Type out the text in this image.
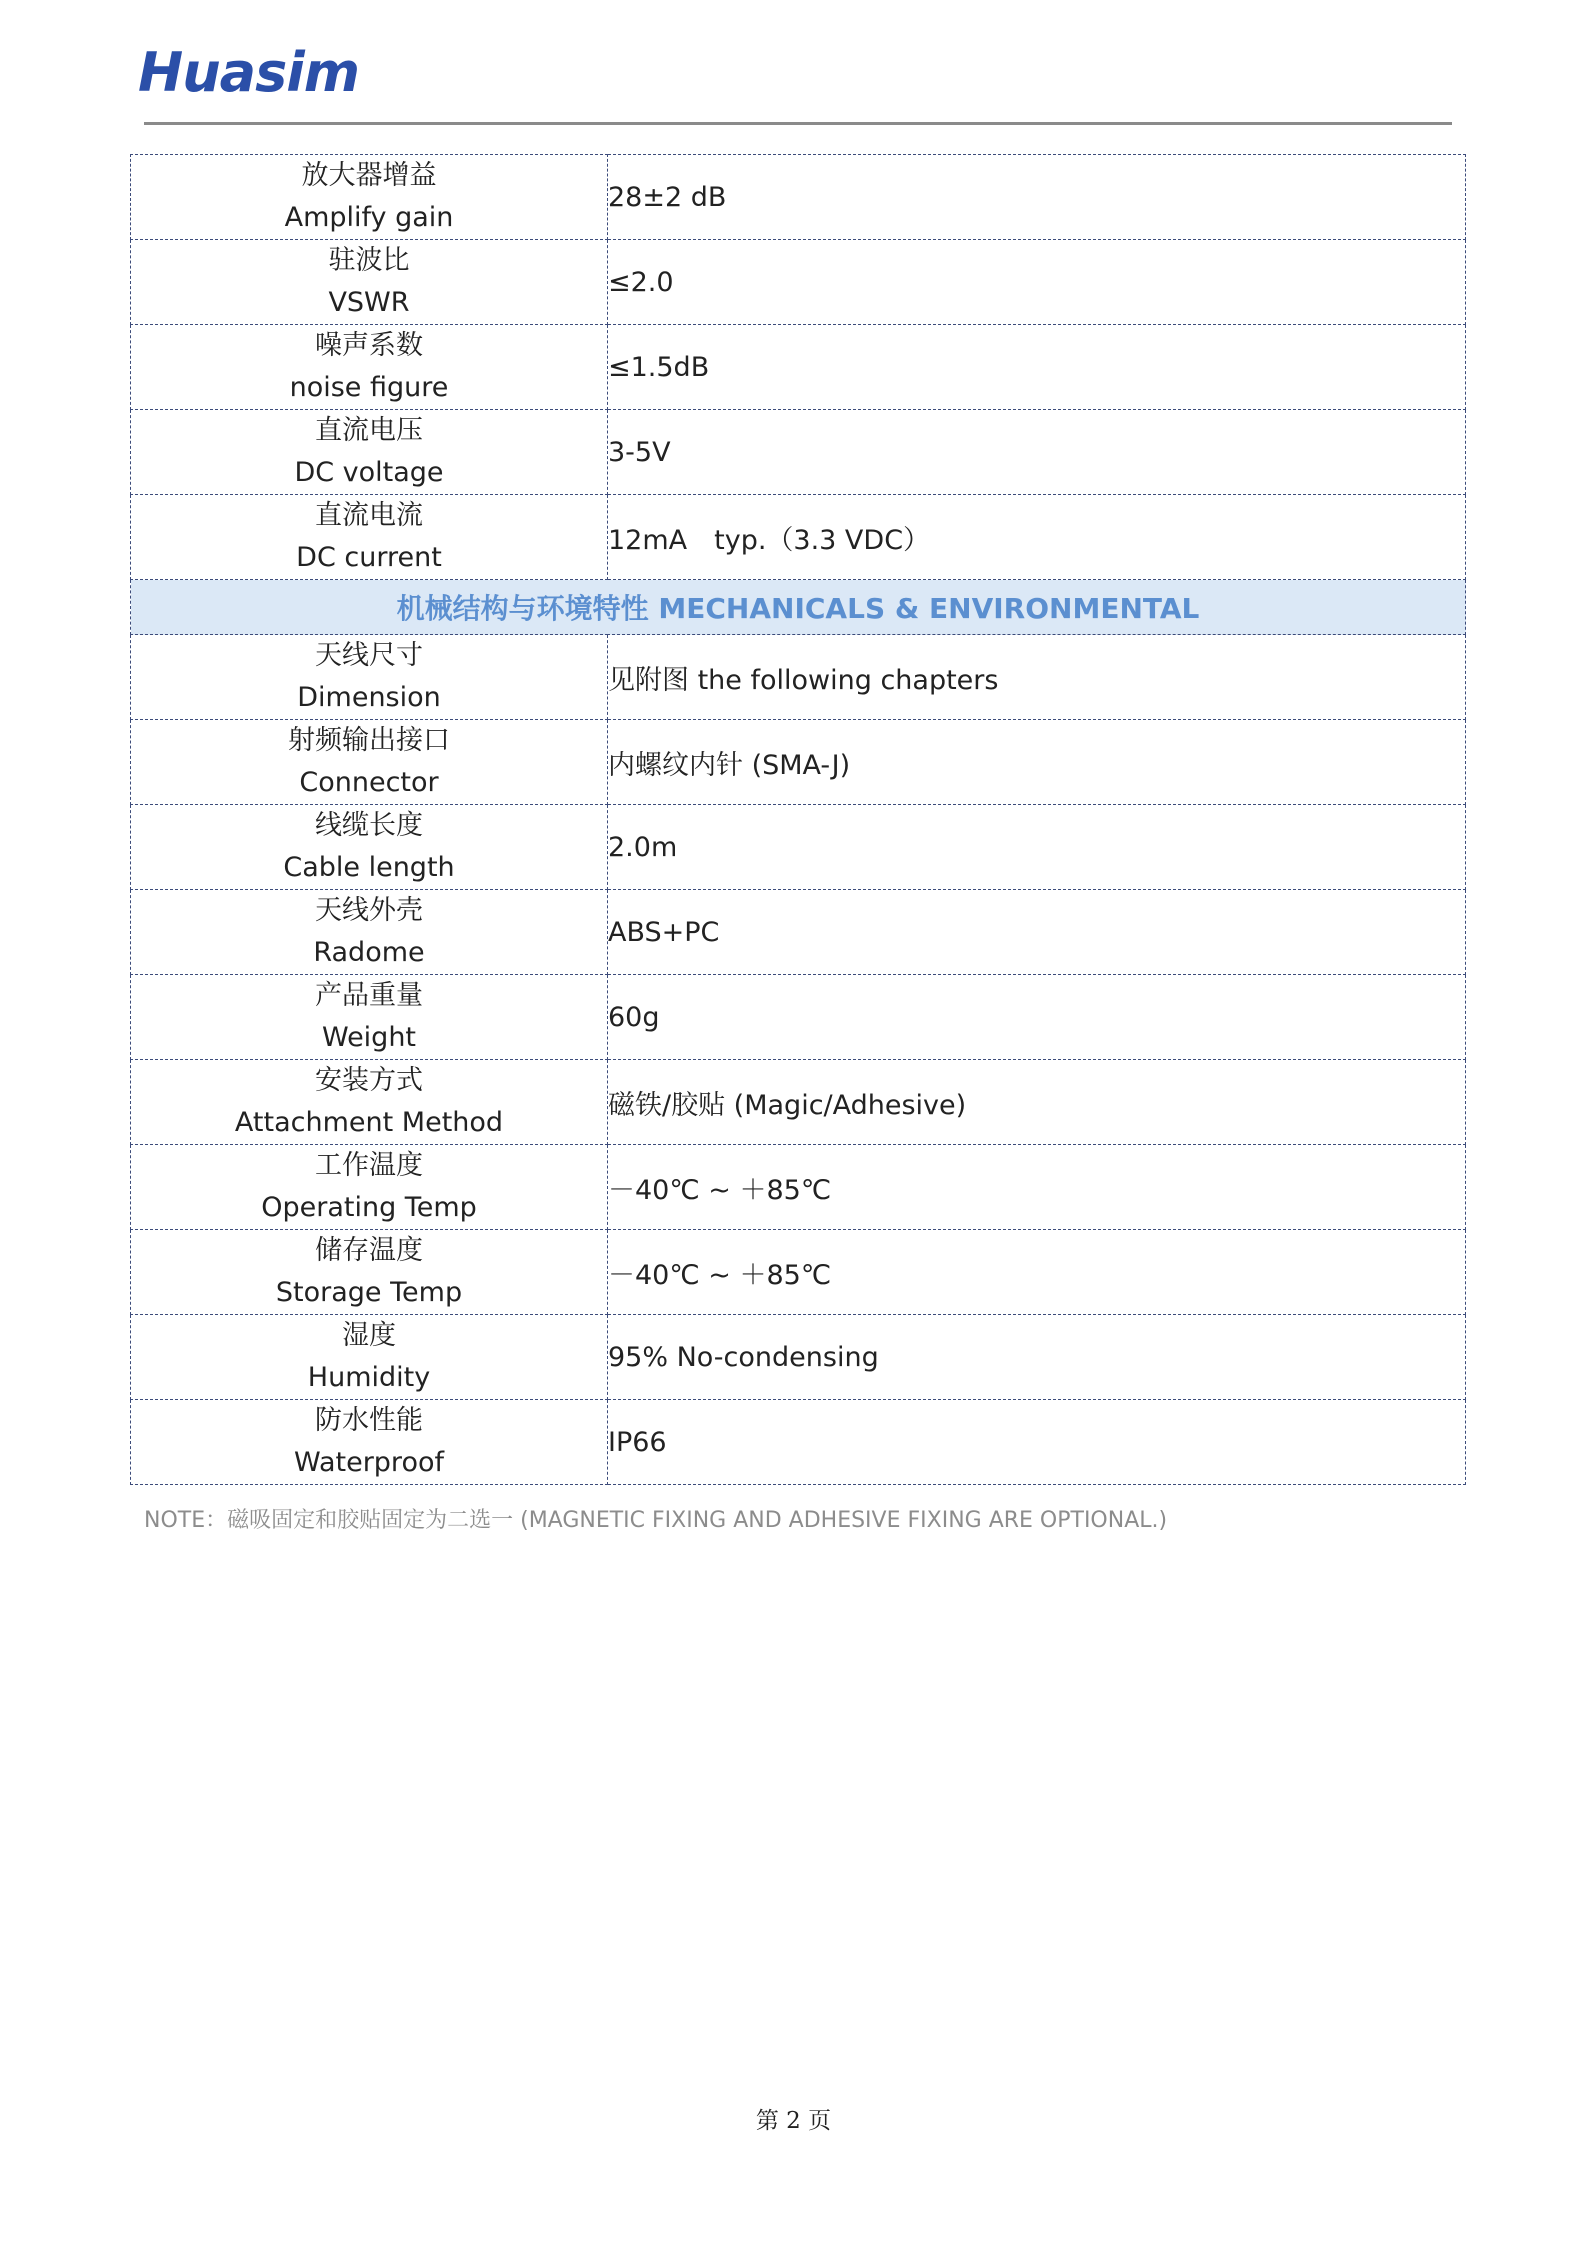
Huasim
放大器增益
Amplify gain	28±2 dB

驻波比
VSWR	≤2.0

噪声系数
noise figure	≤1.5dB

直流电压
DC voltage	3-5V

直流电流
DC current	12mA　typ.（3.3 VDC）
机械结构与环境特性 MECHANICALS & ENVIRONMENTAL	

天线尺寸
Dimension	见附图 the following chapters

射频输出接口
Connector	内螺纹内针 (SMA-J)

线缆长度
Cable length	2.0m

天线外壳
Radome	ABS+PC

产品重量
Weight	60g

安装方式
Attachment Method	磁铁/胶贴 (Magic/Adhesive)

工作温度
Operating Temp	－40℃ ~ ＋85℃

储存温度
Storage Temp	－40℃ ~ ＋85℃

湿度
Humidity	95% No-condensing

防水性能
Waterproof	IP66
NOTE：磁吸固定和胶贴固定为二选一 (MAGNETIC FIXING AND ADHESIVE FIXING ARE OPTIONAL.)
第 2 页
